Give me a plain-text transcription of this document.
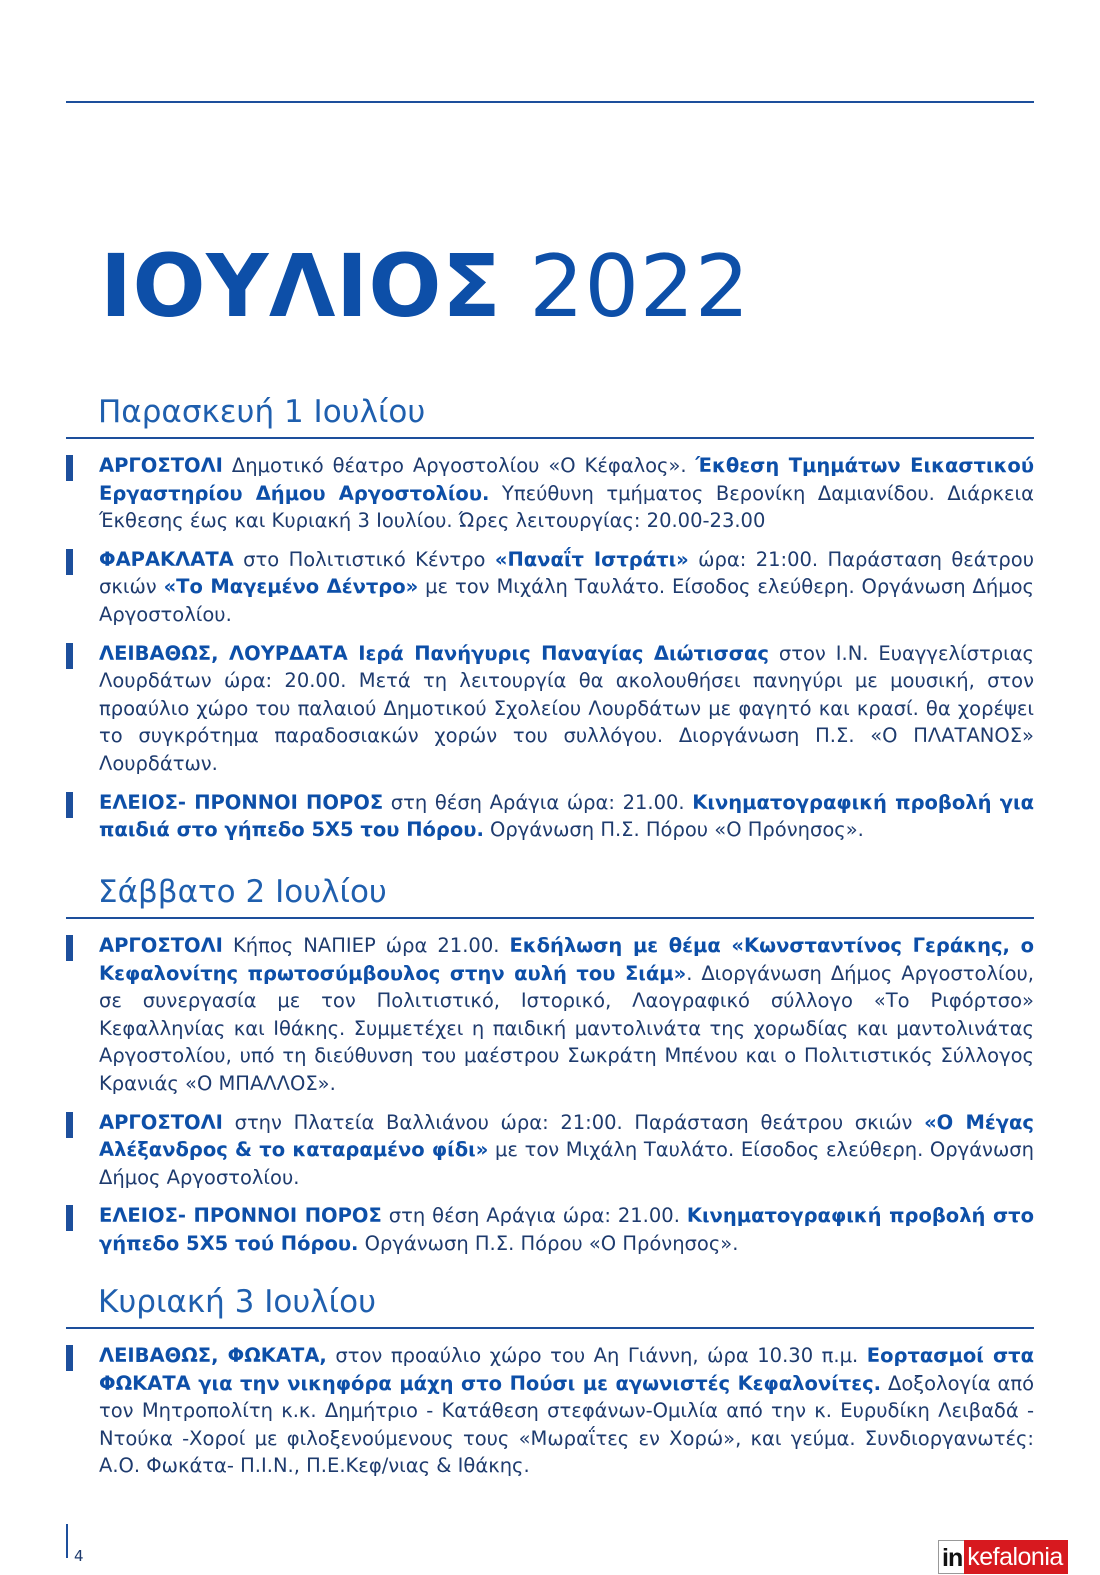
ΙΟΥΛΙΟΣ 2022
Παρασκευή 1 Ιουλίου
ΑΡΓΟΣΤΟΛΙ Δημοτικό θέατρο Αργοστολίου «Ο Κέφαλος». Έκθεση Τμημάτων Εικαστικού Εργαστηρίου Δήμου Αργοστολίου. Υπεύθυνη τμήματος Βερονίκη Δαμιανίδου. Διάρκεια Έκθεσης έως και Κυριακή 3 Ιουλίου. Ώρες λειτουργίας: 20.00-23.00
ΦΑΡΑΚΛΑΤΑ στο Πολιτιστικό Κέντρο «Παναΐτ Ιστράτι» ώρα: 21:00. Παράσταση θεάτρου σκιών «Το Μαγεμένο Δέντρο» με τον Μιχάλη Ταυλάτο. Είσοδος ελεύθερη. Οργάνωση Δήμος Αργοστολίου.
ΛΕΙΒΑΘΩΣ, ΛΟΥΡΔΑΤΑ Ιερά Πανήγυρις Παναγίας Διώτισσας στον Ι.Ν. Ευαγγελίστριας Λουρδάτων ώρα: 20.00. Μετά τη λειτουργία θα ακολουθήσει πανηγύρι με μουσική, στον προαύλιο χώρο του παλαιού Δημοτικού Σχολείου Λουρδάτων με φαγητό και κρασί. θα χορέψει το συγκρότημα παραδοσιακών χορών του συλλόγου. Διοργάνωση Π.Σ. «Ο ΠΛΑΤΑΝΟΣ» Λουρδάτων.
ΕΛΕΙΟΣ- ΠΡΟΝΝΟΙ ΠΟΡΟΣ στη θέση Αράγια ώρα: 21.00. Κινηματογραφική προβολή για παιδιά στο γήπεδο 5Χ5 του Πόρου. Οργάνωση Π.Σ. Πόρου «Ο Πρόνησος».
Σάββατο 2 Ιουλίου
ΑΡΓΟΣΤΟΛΙ Κήπος ΝΑΠΙΕΡ ώρα 21.00. Εκδήλωση με θέμα «Κωνσταντίνος Γεράκης, ο Κεφαλονίτης πρωτοσύμβουλος στην αυλή του Σιάμ». Διοργάνωση Δήμος Αργοστολίου, σε συνεργασία με τον Πολιτιστικό, Ιστορικό, Λαογραφικό σύλλογο «Το Ριφόρτσο» Κεφαλληνίας και Ιθάκης. Συμμετέχει η παιδική μαντολινάτα της χορωδίας και μαντολινάτας Αργοστολίου, υπό τη διεύθυνση του μαέστρου Σωκράτη Μπένου και ο Πολιτιστικός Σύλλογος Κρανιάς «Ο ΜΠΑΛΛΟΣ».
ΑΡΓΟΣΤΟΛΙ στην Πλατεία Βαλλιάνου ώρα: 21:00. Παράσταση θεάτρου σκιών «Ο Μέγας Αλέξανδρος & το καταραμένο φίδι» με τον Μιχάλη Ταυλάτο. Είσοδος ελεύθερη. Οργάνωση Δήμος Αργοστολίου.
ΕΛΕΙΟΣ- ΠΡΟΝΝΟΙ ΠΟΡΟΣ στη θέση Αράγια ώρα: 21.00. Κινηματογραφική προβολή στο γήπεδο 5Χ5 τού Πόρου. Οργάνωση Π.Σ. Πόρου «Ο Πρόνησος».
Κυριακή 3 Ιουλίου
ΛΕΙΒΑΘΩΣ, ΦΩΚΑΤΑ, στον προαύλιο χώρο του Αη Γιάννη, ώρα 10.30 π.μ. Εορτασμοί στα ΦΩΚΑΤΑ για την νικηφόρα μάχη στο Πούσι με αγωνιστές Κεφαλονίτες. Δοξολογία από τον Μητροπολίτη κ.κ. Δημήτριο - Κατάθεση στεφάνων-Ομιλία από την κ. Ευρυδίκη Λειβαδά - Ντούκα -Χοροί με φιλοξενούμενους τους «Μωραΐτες εν Χορώ», και γεύμα. Συνδιοργανωτές: Α.Ο. Φωκάτα- Π.Ι.Ν., Π.Ε.Κεφ/νιας & Ιθάκης.
4	in kefalonia
